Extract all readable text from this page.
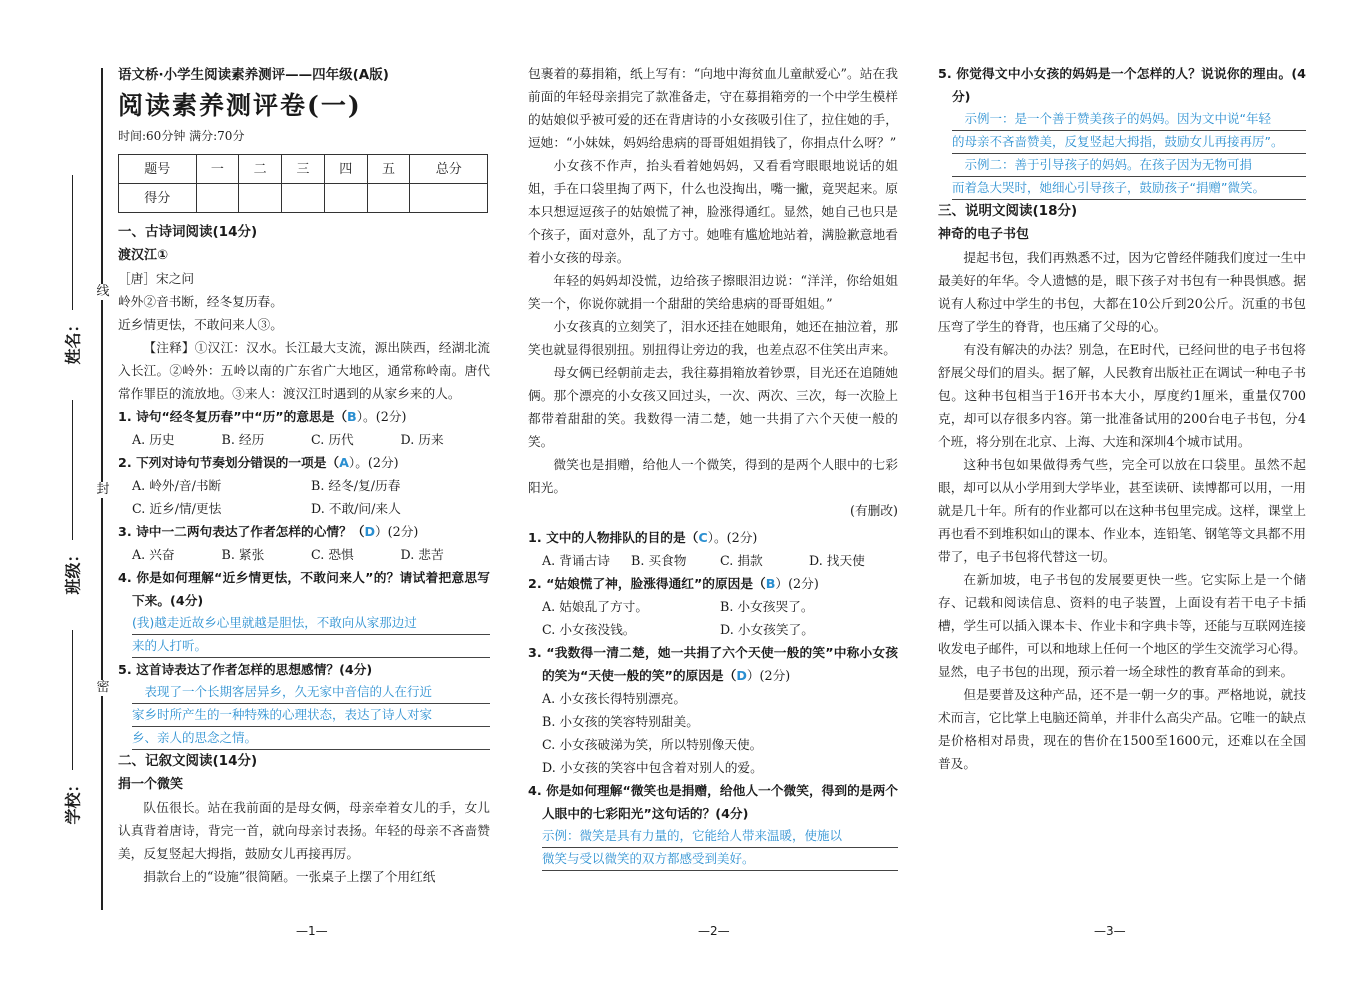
线
封
密
姓名：
班级：
学校：

语文桥·小学生阅读素养测评——四年级(A版)

阅读素养测评卷(一)

时间:60分钟 满分:70分

题号	一	二	三	四	五	总分
得分						

一、古诗词阅读(14分)

渡汉江①

［唐］宋之问

岭外②音书断，经冬复历春。

近乡情更怯，不敢问来人③。

【注释】①汉江：汉水。长江最大支流，源出陕西，经湖北流入长江。②岭外：五岭以南的广东省广大地区，通常称岭南。唐代常作罪臣的流放地。③来人：渡汉江时遇到的从家乡来的人。

1. 诗句“经冬复历春”中“历”的意思是（B）。(2分)

A. 历史	B. 经历	C. 历代	D. 历来

2. 下列对诗句节奏划分错误的一项是（A）。(2分)

A. 岭外/音/书断	B. 经冬/复/历春
C. 近乡/情/更怯	D. 不敢/问/来人

3. 诗中一二两句表达了作者怎样的心情？（D）(2分)

A. 兴奋	B. 紧张	C. 恐惧	D. 悲苦

4. 你是如何理解“近乡情更怯，不敢问来人”的？请试着把意思写下来。(4分)

(我)越走近故乡心里就越是胆怯，不敢向从家那边过

来的人打听。

5. 这首诗表达了作者怎样的思想感情？(4分)

表现了一个长期客居异乡，久无家中音信的人在行近

家乡时所产生的一种特殊的心理状态，表达了诗人对家

乡、亲人的思念之情。

二、记叙文阅读(14分)

捐一个微笑

队伍很长。站在我前面的是母女俩，母亲牵着女儿的手，女儿认真背着唐诗，背完一首，就向母亲讨表扬。年轻的母亲不吝啬赞美，反复竖起大拇指，鼓励女儿再接再厉。

捐款台上的“设施”很简陋。一张桌子上摆了个用红纸

包裹着的募捐箱，纸上写有：“向地中海贫血儿童献爱心”。站在我前面的年轻母亲捐完了款准备走，守在募捐箱旁的一个中学生模样的姑娘似乎被可爱的还在背唐诗的小女孩吸引住了，拉住她的手，逗她：“小妹妹，妈妈给患病的哥哥姐姐捐钱了，你捐点什么呀？”

小女孩不作声，抬头看着她妈妈，又看看穹眼眼地说话的姐姐，手在口袋里掏了两下，什么也没掏出，嘴一撇，竟哭起来。原本只想逗逗孩子的姑娘慌了神，脸涨得通红。显然，她自己也只是个孩子，面对意外，乱了方寸。她唯有尴尬地站着，满脸歉意地看着小女孩的母亲。

年轻的妈妈却没慌，边给孩子擦眼泪边说：“洋洋，你给姐姐笑一个，你说你就捐一个甜甜的笑给患病的哥哥姐姐。”

小女孩真的立刻笑了，泪水还挂在她眼角，她还在抽泣着，那笑也就显得很别扭。别扭得让旁边的我，也差点忍不住笑出声来。

母女俩已经朝前走去，我往募捐箱放着钞票，目光还在追随她俩。那个漂亮的小女孩又回过头，一次、两次、三次，每一次脸上都带着甜甜的笑。我数得一清二楚，她一共捐了六个天使一般的笑。

微笑也是捐赠，给他人一个微笑，得到的是两个人眼中的七彩阳光。

(有删改)

1. 文中的人物排队的目的是（C）。(2分)

A. 背诵古诗	B. 买食物	C. 捐款	D. 找天使

2. “姑娘慌了神，脸涨得通红”的原因是（B）(2分)

A. 姑娘乱了方寸。	B. 小女孩哭了。
C. 小女孩没钱。	D. 小女孩笑了。

3. “我数得一清二楚，她一共捐了六个天使一般的笑”中称小女孩的笑为“天使一般的笑”的原因是（D）(2分)

A. 小女孩长得特别漂亮。

B. 小女孩的笑容特别甜美。

C. 小女孩破涕为笑，所以特别像天使。

D. 小女孩的笑容中包含着对别人的爱。

4. 你是如何理解“微笑也是捐赠，给他人一个微笑，得到的是两个人眼中的七彩阳光”这句话的？(4分)

示例：微笑是具有力量的，它能给人带来温暖，使施以

微笑与受以微笑的双方都感受到美好。

5. 你觉得文中小女孩的妈妈是一个怎样的人？说说你的理由。(4分)

示例一：是一个善于赞美孩子的妈妈。因为文中说“年轻

的母亲不吝啬赞美，反复竖起大拇指，鼓励女儿再接再厉”。

示例二：善于引导孩子的妈妈。在孩子因为无物可捐

而着急大哭时，她细心引导孩子，鼓励孩子“捐赠”微笑。

三、说明文阅读(18分)

神奇的电子书包

提起书包，我们再熟悉不过，因为它曾经伴随我们度过一生中最美好的年华。令人遗憾的是，眼下孩子对书包有一种畏惧感。据说有人称过中学生的书包，大都在10公斤到20公斤。沉重的书包压弯了学生的脊背，也压痛了父母的心。

有没有解决的办法？别急，在E时代，已经问世的电子书包将舒展父母们的眉头。据了解，人民教育出版社正在调试一种电子书包。这种书包相当于16开书本大小，厚度约1厘米，重量仅700克，却可以存很多内容。第一批准备试用的200台电子书包，分4个班，将分别在北京、上海、大连和深圳4个城市试用。

这种书包如果做得秀气些，完全可以放在口袋里。虽然不起眼，却可以从小学用到大学毕业，甚至读研、读博都可以用，一用就是几十年。所有的作业都可以在这种书包里完成。这样，课堂上再也看不到堆积如山的课本、作业本，连铅笔、钢笔等文具都不用带了，电子书包将代替这一切。

在新加坡，电子书包的发展要更快一些。它实际上是一个储存、记载和阅读信息、资料的电子装置，上面设有若干电子卡插槽，学生可以插入课本卡、作业卡和字典卡等，还能与互联网连接收发电子邮件，可以和地球上任何一个地区的学生交流学习心得。显然，电子书包的出现，预示着一场全球性的教育革命的到来。

但是要普及这种产品，还不是一朝一夕的事。严格地说，就技术而言，它比掌上电脑还简单，并非什么高尖产品。它唯一的缺点是价格相对昂贵，现在的售价在1500至1600元，还难以在全国普及。

—1—	—2—	—3—
